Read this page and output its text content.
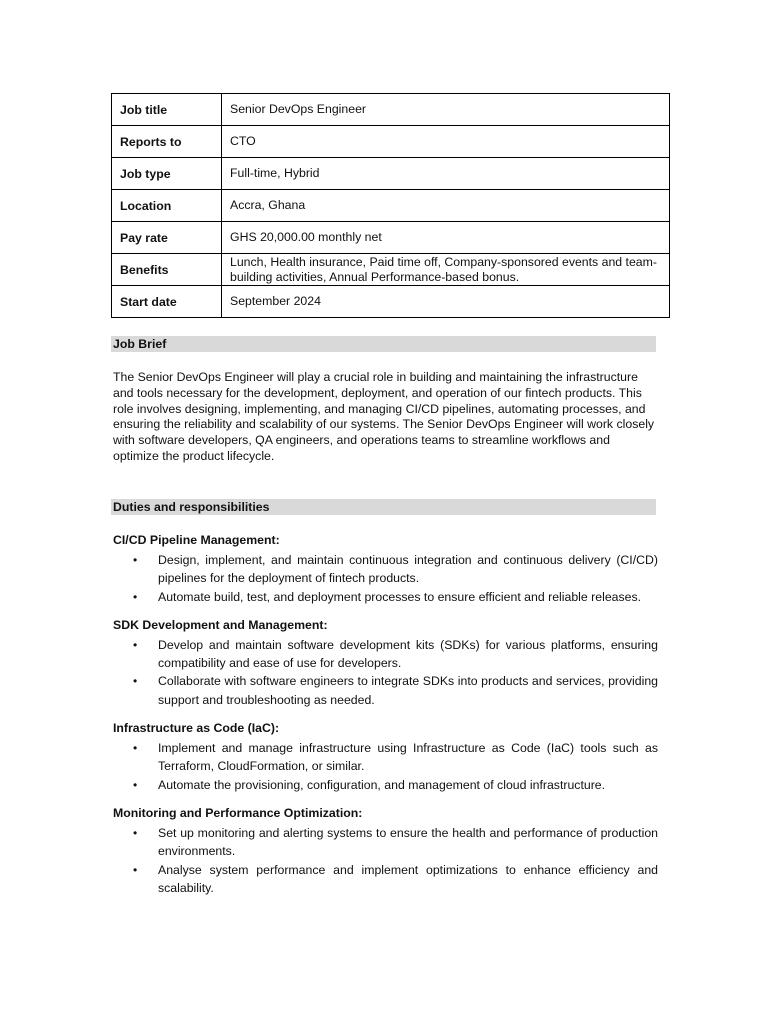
Job title	Senior DevOps Engineer
Reports to	CTO
Job type	Full-time, Hybrid
Location	Accra, Ghana
Pay rate	GHS 20,000.00 monthly net
Benefits	Lunch, Health insurance, Paid time off, Company-sponsored events and team-building activities, Annual Performance-based bonus.
Start date	September 2024
Job Brief

The Senior DevOps Engineer will play a crucial role in building and maintaining the infrastructure and tools necessary for the development, deployment, and operation of our fintech products. This role involves designing, implementing, and managing CI/CD pipelines, automating processes, and ensuring the reliability and scalability of our systems. The Senior DevOps Engineer will work closely with software developers, QA engineers, and operations teams to streamline workflows and optimize the product lifecycle.

Duties and responsibilities

CI/CD Pipeline Management:

• Design, implement, and maintain continuous integration and continuous delivery (CI/CD) pipelines for the deployment of fintech products.
• Automate build, test, and deployment processes to ensure efficient and reliable releases.

SDK Development and Management:

• Develop and maintain software development kits (SDKs) for various platforms, ensuring compatibility and ease of use for developers.
• Collaborate with software engineers to integrate SDKs into products and services, providing support and troubleshooting as needed.

Infrastructure as Code (IaC):

• Implement and manage infrastructure using Infrastructure as Code (IaC) tools such as Terraform, CloudFormation, or similar.
• Automate the provisioning, configuration, and management of cloud infrastructure.

Monitoring and Performance Optimization:

• Set up monitoring and alerting systems to ensure the health and performance of production environments.
• Analyse system performance and implement optimizations to enhance efficiency and scalability.
